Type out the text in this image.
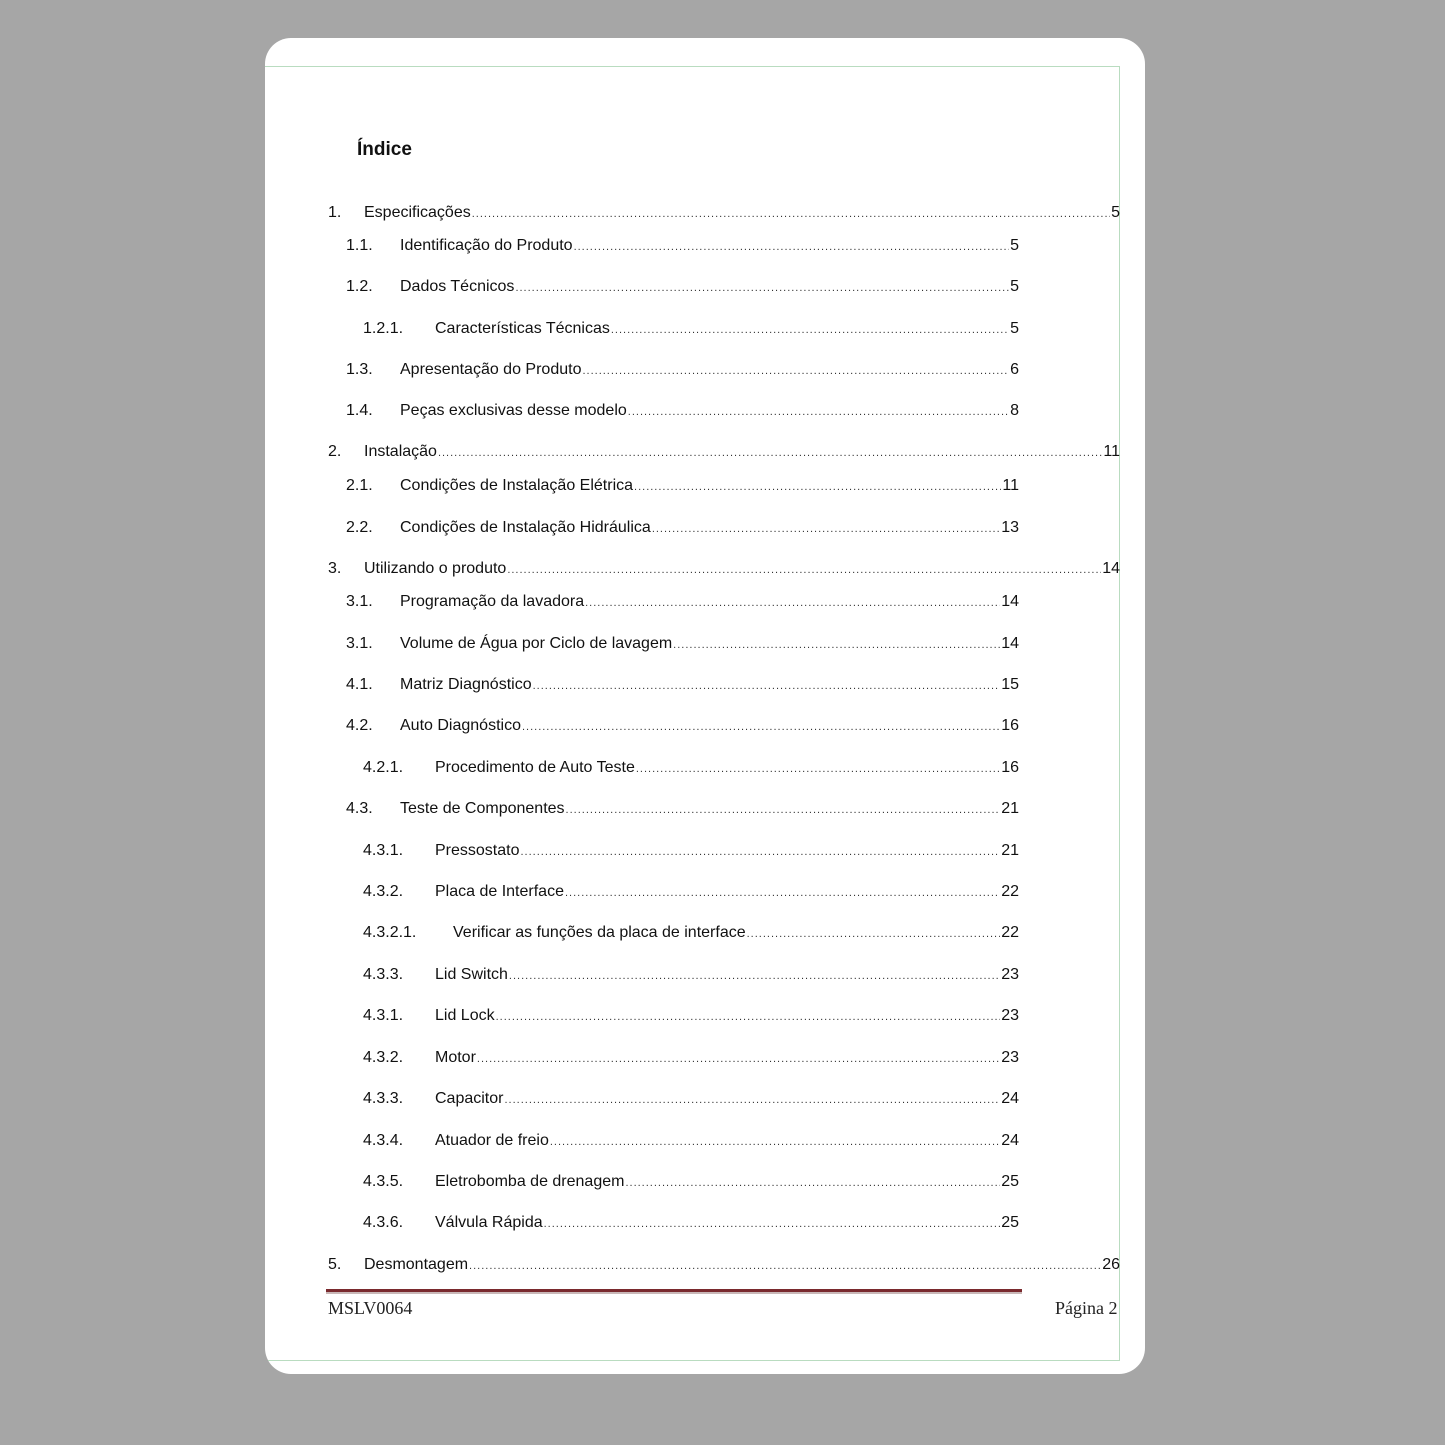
Índice
1.	Especificações .....	5
1.1.	Identificação do Produto .....	5
1.2.	Dados Técnicos .....	5
1.2.1.	Características Técnicas .....	5
1.3.	Apresentação do Produto .....	6
1.4.	Peças exclusivas desse modelo .....	8
2.	Instalação .....	11
2.1.	Condições de Instalação Elétrica .....	11
2.2.	Condições de Instalação Hidráulica .....	13
3.	Utilizando o produto .....	14
3.1.	Programação da lavadora .....	14
3.1.	Volume de Água por Ciclo de lavagem .....	14
4.1.	Matriz Diagnóstico .....	15
4.2.	Auto Diagnóstico .....	16
4.2.1.	Procedimento de Auto Teste .....	16
4.3.	Teste de Componentes .....	21
4.3.1.	Pressostato .....	21
4.3.2.	Placa de Interface .....	22
4.3.2.1.	Verificar as funções da placa de interface .....	22
4.3.3.	Lid Switch .....	23
4.3.1.	Lid Lock .....	23
4.3.2.	Motor .....	23
4.3.3.	Capacitor .....	24
4.3.4.	Atuador de freio .....	24
4.3.5.	Eletrobomba de drenagem .....	25
4.3.6.	Válvula Rápida .....	25
5.	Desmontagem .....	26
MSLV0064	Página 2
